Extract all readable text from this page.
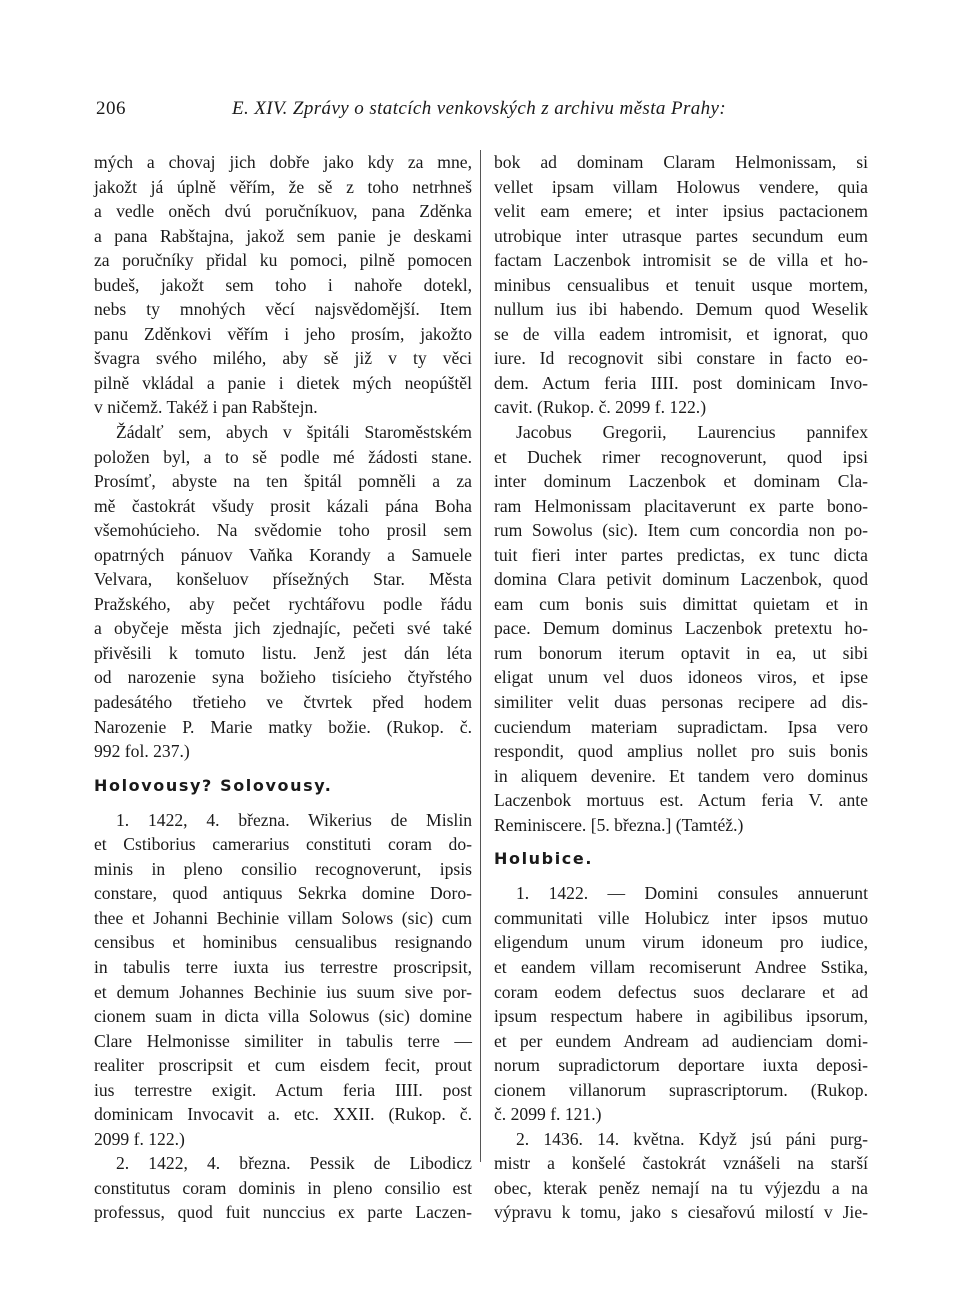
206	E. XIV. Zprávy o statcích venkovských z archivu města Prahy:
mých a chovaj jich dobře jako kdy za mne,
jakožt já úplně věřím, že sě z toho netrhneš
a vedle oněch dvú poručníkuov, pana Zděnka
a pana Rabštajna, jakož sem panie je deskami
za poručníky přidal ku pomoci, pilně pomocen
budeš, jakožt sem toho i nahoře dotekl,
nebs ty mnohých věcí najsvědomější. Item
panu Zděnkovi věřím i jeho prosím, jakožto
švagra svého milého, aby sě již v ty věci
pilně vkládal a panie i dietek mých neopúštěl
v ničemž. Takéž i pan Rabštejn.
Žádalť sem, abych v špitáli Staroměstském
položen byl, a to sě podle mé žádosti stane.
Prosímť, abyste na ten špitál pomněli a za
mě častokrát všudy prosit kázali pána Boha
všemohúcieho. Na svědomie toho prosil sem
opatrných pánuov Vaňka Korandy a Samuele
Velvara, konšeluov přísežných Star. Města
Pražského, aby pečet rychtářovu podle řádu
a obyčeje města jich zjednajíc, pečeti své také
přivěsili k tomuto listu. Jenž jest dán léta
od narozenie syna božieho tisícieho čtyřstého
padesátého třetieho ve čtvrtek před hodem
Narozenie P. Marie matky božie. (Rukop. č.
992 fol. 237.)
Holovousy? Solovousy.
1. 1422, 4. března. Wikerius de Mislin
et Cstiborius camerarius constituti coram do-
minis in pleno consilio recognoverunt, ipsis
constare, quod antiquus Sekrka domine Doro-
thee et Johanni Bechinie villam Solows (sic) cum
censibus et hominibus censualibus resignando
in tabulis terre iuxta ius terrestre proscripsit,
et demum Johannes Bechinie ius suum sive por-
cionem suam in dicta villa Solowus (sic) domine
Clare Helmonisse similiter in tabulis terre —
realiter proscripsit et cum eisdem fecit, prout
ius terrestre exigit. Actum feria IIII. post
dominicam Invocavit a. etc. XXII. (Rukop. č.
2099 f. 122.)
2. 1422, 4. března. Pessik de Libodicz
constitutus coram dominis in pleno consilio est
professus, quod fuit nunccius ex parte Laczen-
bok ad dominam Claram Helmonissam, si
vellet ipsam villam Holowus vendere, quia
velit eam emere; et inter ipsius pactacionem
utrobique inter utrasque partes secundum eum
factam Laczenbok intromisit se de villa et ho-
minibus censualibus et tenuit usque mortem,
nullum ius ibi habendo. Demum quod Weselik
se de villa eadem intromisit, et ignorat, quo
iure. Id recognovit sibi constare in facto eo-
dem. Actum feria IIII. post dominicam Invo-
cavit. (Rukop. č. 2099 f. 122.)
Jacobus Gregorii, Laurencius pannifex
et Duchek rimer recognoverunt, quod ipsi
inter dominum Laczenbok et dominam Cla-
ram Helmonissam placitaverunt ex parte bono-
rum Sowolus (sic). Item cum concordia non po-
tuit fieri inter partes predictas, ex tunc dicta
domina Clara petivit dominum Laczenbok, quod
eam cum bonis suis dimittat quietam et in
pace. Demum dominus Laczenbok pretextu ho-
rum bonorum iterum optavit in ea, ut sibi
eligat unum vel duos idoneos viros, et ipse
similiter velit duas personas recipere ad dis-
cuciendum materiam supradictam. Ipsa vero
respondit, quod amplius nollet pro suis bonis
in aliquem devenire. Et tandem vero dominus
Laczenbok mortuus est. Actum feria V. ante
Reminiscere. [5. března.] (Tamtéž.)
Holubice.
1. 1422. — Domini consules annuerunt
communitati ville Holubicz inter ipsos mutuo
eligendum unum virum idoneum pro iudice,
et eandem villam recomiserunt Andree Sstika,
coram eodem defectus suos declarare et ad
ipsum respectum habere in agibilibus ipsorum,
et per eundem Andream ad audienciam domi-
norum supradictorum deportare iuxta deposi-
cionem villanorum suprascriptorum. (Rukop.
č. 2099 f. 121.)
2. 1436. 14. května. Když jsú páni purg-
mistr a konšelé častokrát vznášeli na starší
obec, kterak peněz nemají na tu výjezdu a na
výpravu k tomu, jako s ciesařovú milostí v Jie-
